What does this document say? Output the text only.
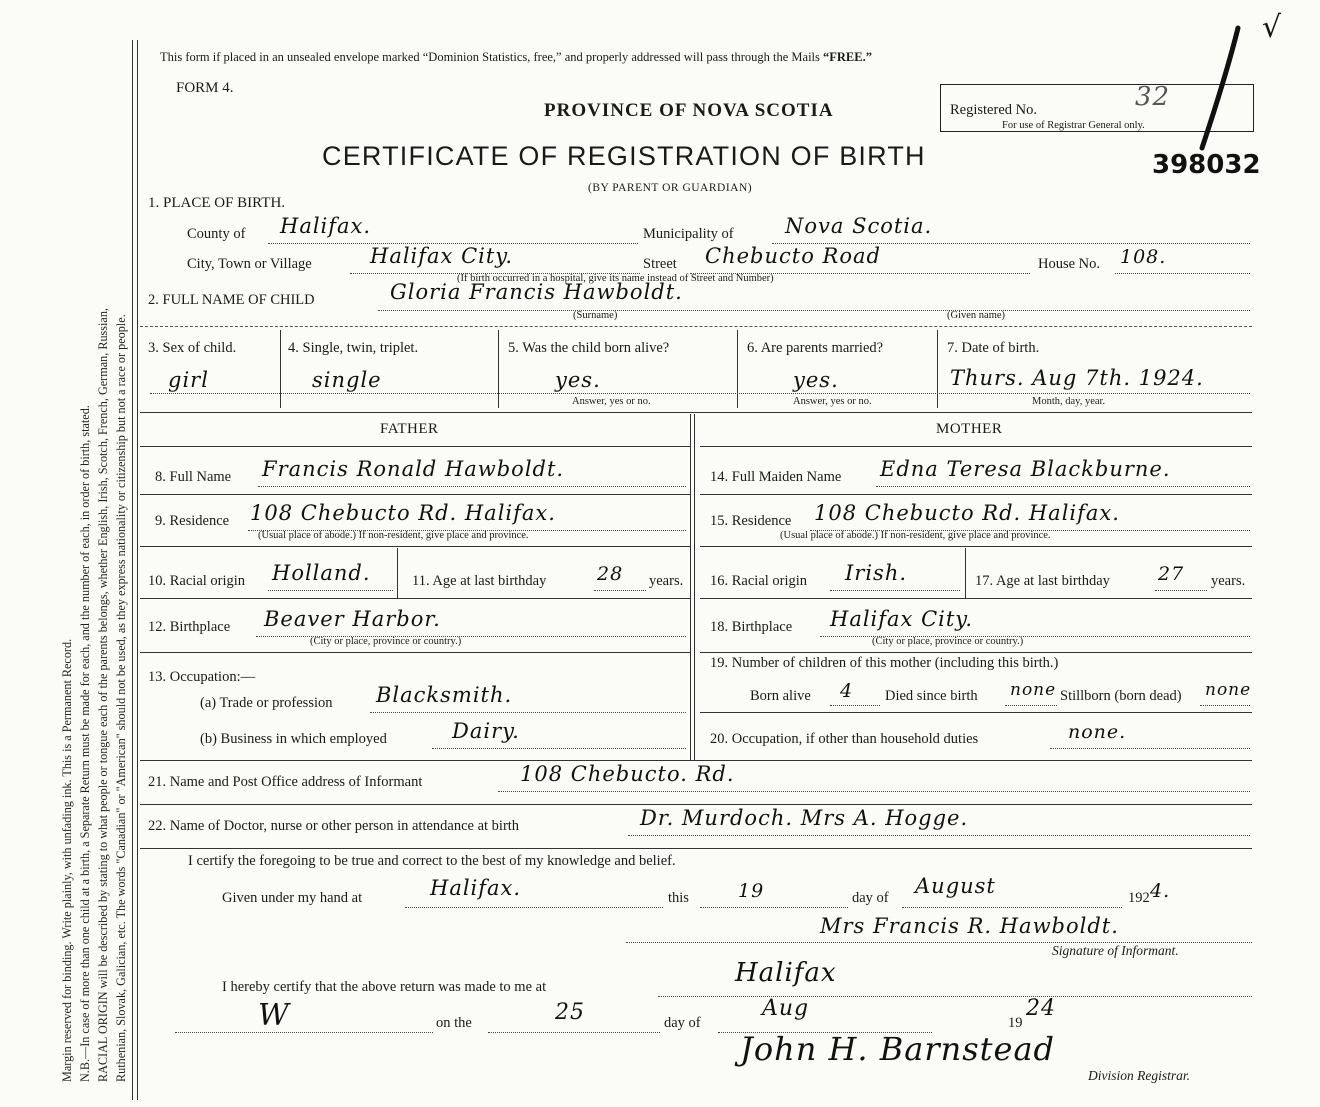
Margin reserved for binding. Write plainly, with unfading ink. This is a Permanent Record. N.B.—In case of more than one child at a birth, a Separate Return must be made for each, and the number of each, in order of birth, stated. RACIAL ORIGIN will be described by stating to what people or tongue each of the parents belongs, whether English, Irish, Scotch, French, German, Russian, Ruthenian, Slovak, Galician, etc. The words "Canadian" or "American" should not be used, as they express nationality or citizenship but not a race or people.
This form if placed in an unsealed envelope marked “Dominion Statistics, free,” and properly addressed will pass through the Mails “FREE.”
FORM 4.
PROVINCE OF NOVA SCOTIA
CERTIFICATE OF REGISTRATION OF BIRTH
(BY PARENT OR GUARDIAN)
Registered No.	32
For use of Registrar General only.
398032
√
1. PLACE OF BIRTH.
County of Halifax.	Municipality of Nova Scotia.
City, Town or Village	Halifax City.	Street Chebucto Road	House No. 108.
(If birth occurred in a hospital, give its name instead of Street and Number)
2. FULL NAME OF CHILD	Gloria Francis Hawboldt.
(Surname)	(Given name)
3. Sex of child.
girl
4. Single, twin, triplet.
single
5. Was the child born alive?
yes.
Answer, yes or no.
6. Are parents married?
yes.
Answer, yes or no.
7. Date of birth.
Thurs. Aug 7th. 1924.
Month, day, year.
FATHER	MOTHER
8. Full Name Francis Ronald Hawboldt.	14. Full Maiden Name Edna Teresa Blackburne.
9. Residence 108 Chebucto Rd. Halifax.
(Usual place of abode.) If non-resident, give place and province.
15. Residence 108 Chebucto Rd. Halifax.
(Usual place of abode.) If non-resident, give place and province.
10. Racial origin Holland.	11. Age at last birthday	28 years. 16. Racial origin Irish.	17. Age at last birthday	27 years.
12. Birthplace Beaver Harbor.
(City or place, province or country.)
18. Birthplace Halifax City.
(City or place, province or country.)
13. Occupation:—
(a) Trade or profession Blacksmith.
(b) Business in which employed	Dairy.
19. Number of children of this mother (including this birth.)
Born alive 4 Died since birth none Stillborn (born dead) none
20. Occupation, if other than household duties	none.
21. Name and Post Office address of Informant	108 Chebucto. Rd.
22. Name of Doctor, nurse or other person in attendance at birth	Dr. Murdoch. Mrs A. Hogge.
I certify the foregoing to be true and correct to the best of my knowledge and belief.
Given under my hand at	Halifax.	this	19	day of August	192 4.
Mrs Francis R. Hawboldt.
Signature of Informant.
I hereby certify that the above return was made to me at	Halifax
W	on the	25	day of
Aug
19
24
John H. Barnstead
Division Registrar.
